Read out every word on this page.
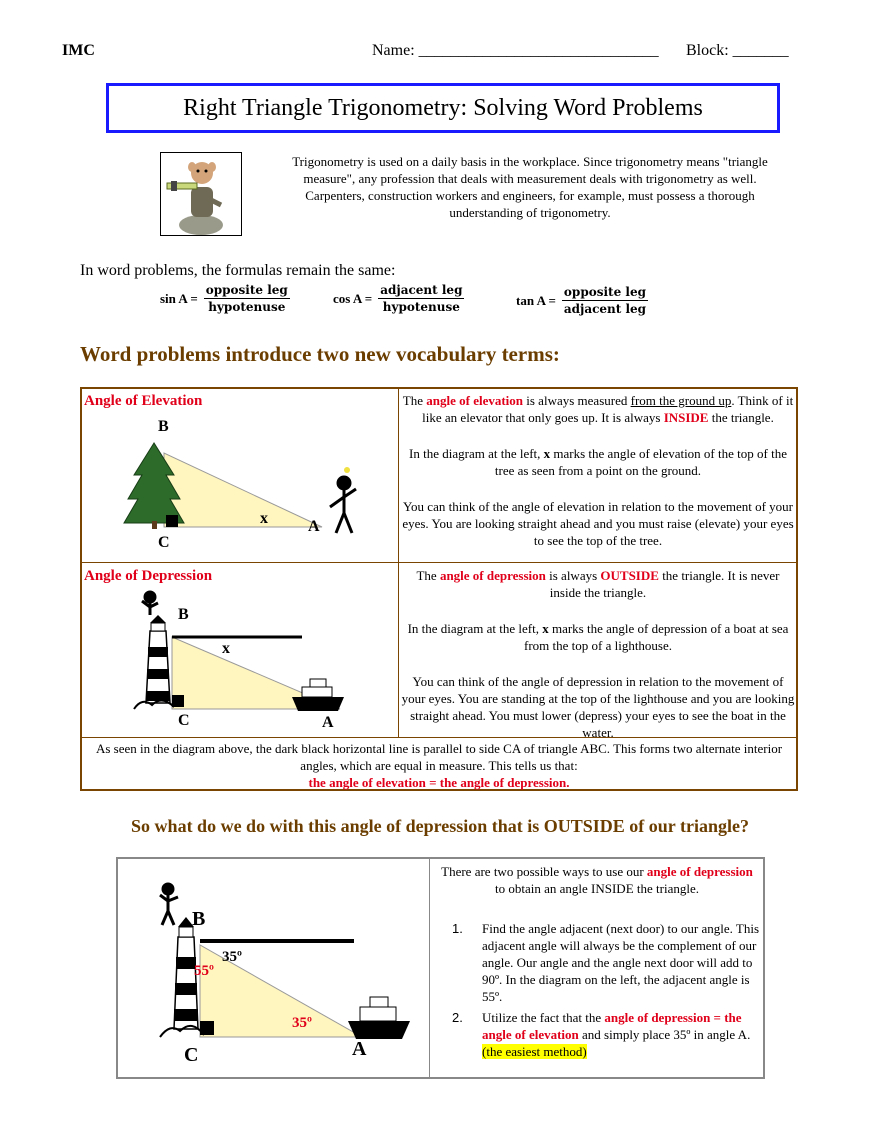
IMC	Name: ______________________________ Block: _______
Right Triangle Trigonometry: Solving Word Problems
Trigonometry is used on a daily basis in the workplace. Since trigonometry means "triangle measure", any profession that deals with measurement deals with trigonometry as well. Carpenters, construction workers and engineers, for example, must possess a thorough understanding of trigonometry.
In word problems, the formulas remain the same:
$\sin A = \frac{\text{opposite leg}}{\text{hypotenuse}}$	$\cos A = \frac{\text{adjacent leg}}{\text{hypotenuse}}$	$\tan A = \frac{\text{opposite leg}}{\text{adjacent leg}}$
Word problems introduce two new vocabulary terms:
Angle of Elevation
B
C
A
x
The angle of elevation is always measured from the ground up. Think of it like an elevator that only goes up. It is always INSIDE the triangle.
In the diagram at the left, x marks the angle of elevation of the top of the tree as seen from a point on the ground.
You can think of the angle of elevation in relation to the movement of your eyes. You are looking straight ahead and you must raise (elevate) your eyes to see the top of the tree.
Angle of Depression
B
C	A
x
The angle of depression is always OUTSIDE the triangle. It is never inside the triangle.
In the diagram at the left, x marks the angle of depression of a boat at sea from the top of a lighthouse.
You can think of the angle of depression in relation to the movement of your eyes. You are standing at the top of the lighthouse and you are looking straight ahead. You must lower (depress) your eyes to see the boat in the water.
As seen in the diagram above, the dark black horizontal line is parallel to side CA of triangle ABC. This forms two alternate interior angles, which are equal in measure. This tells us that:
the angle of elevation = the angle of depression.
So what do we do with this angle of depression that is OUTSIDE of our triangle?
B
C	A
55º
35º
35º
There are two possible ways to use our angle of depression to obtain an angle INSIDE the triangle.
1.	Find the angle adjacent (next door) to our angle. This adjacent angle will always be the complement of our angle. Our angle and the angle next door will add to 90º. In the diagram on the left, the adjacent angle is 55º.
2.	Utilize the fact that the angle of depression = the angle of elevation and simply place 35º in angle A. (the easiest method)
